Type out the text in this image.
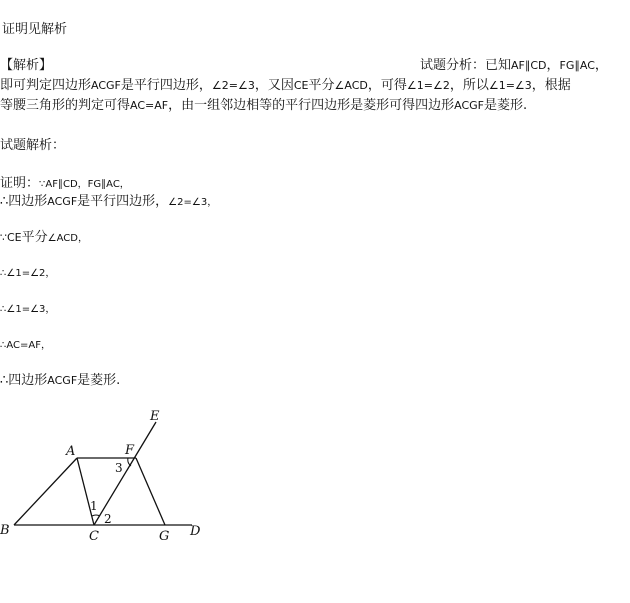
证明见解析
【解析】	试题分析：已知AF∥CD，FG∥AC，
即可判定四边形ACGF是平行四边形，∠2=∠3，又因CE平分∠ACD，可得∠1=∠2，所以∠1=∠3，根据
等腰三角形的判定可得AC=AF，由一组邻边相等的平行四边形是菱形可得四边形ACGF是菱形.
试题解析：
证明：∵AF∥CD，FG∥AC，
∴四边形ACGF是平行四边形，∠2=∠3，
∵CE平分∠ACD，
∴∠1=∠2，
∴∠1=∠3，
∴AC=AF，
∴四边形ACGF是菱形.
A
B	C	D
E
F
G
1
2
3
